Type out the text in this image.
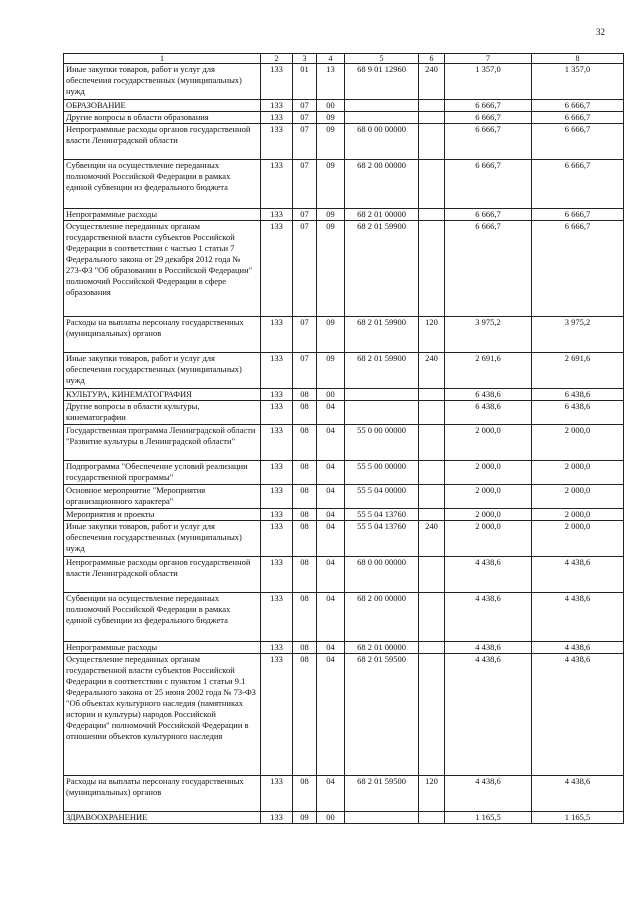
32
1	2	3	4	5	6	7	8
Иные закупки товаров, работ и услуг для обеспечения государственных (муниципальных) нужд	133	01	13	68 9 01 12960	240	1 357,0	1 357,0
ОБРАЗОВАНИЕ	133	07	00			6 666,7	6 666,7
Другие вопросы в области образования	133	07	09			6 666,7	6 666,7
Непрограммные расходы органов государственной власти Ленинградской области	133	07	09	68 0 00 00000		6 666,7	6 666,7
Субвенции на осуществление переданных полномочий Российской Федерации в рамках единой субвенции из федерального бюджета	133	07	09	68 2 00 00000		6 666,7	6 666,7
Непрограммные расходы	133	07	09	68 2 01 00000		6 666,7	6 666,7
Осуществление переданных органам государственной власти субъектов Российской Федерации в соответствии с частью 1 статьи 7 Федерального закона от 29 декабря 2012 года № 273-ФЗ "Об образовании в Российской Федерации" полномочий Российской Федерации в сфере образования	133	07	09	68 2 01 59900		6 666,7	6 666,7
Расходы на выплаты персоналу государственных (муниципальных) органов	133	07	09	68 2 01 59900	120	3 975,2	3 975,2
Иные закупки товаров, работ и услуг для обеспечения государственных (муниципальных) нужд	133	07	09	68 2 01 59900	240	2 691,6	2 691,6
КУЛЬТУРА, КИНЕМАТОГРАФИЯ	133	08	00			6 438,6	6 438,6
Другие вопросы в области культуры, кинематографии	133	08	04			6 438,6	6 438,6
Государственная программа Ленинградской области "Развитие культуры в Ленинградской области"	133	08	04	55 0 00 00000		2 000,0	2 000,0
Подпрограмма "Обеспечение условий реализации государственной программы"	133	08	04	55 5 00 00000		2 000,0	2 000,0
Основное мероприятие "Мероприятия организационного характера"	133	08	04	55 5 04 00000		2 000,0	2 000,0
Мероприятия и проекты	133	08	04	55 5 04 13760		2 000,0	2 000,0
Иные закупки товаров, работ и услуг для обеспечения государственных (муниципальных) нужд	133	08	04	55 5 04 13760	240	2 000,0	2 000,0
Непрограммные расходы органов государственной власти Ленинградской области	133	08	04	68 0 00 00000		4 438,6	4 438,6
Субвенции на осуществление переданных полномочий Российской Федерации в рамках единой субвенции из федерального бюджета	133	08	04	68 2 00 00000		4 438,6	4 438,6
Непрограммные расходы	133	08	04	68 2 01 00000		4 438,6	4 438,6
Осуществление переданных органам государственной власти субъектов Российской Федерации в соответствии с пунктом 1 статьи 9.1 Федерального закона от 25 июня 2002 года № 73-ФЗ "Об объектах культурного наследия (памятниках истории и культуры) народов Российской Федерации" полномочий Российской Федерации в отношении объектов культурного наследия	133	08	04	68 2 01 59500		4 438,6	4 438,6
Расходы на выплаты персоналу государственных (муниципальных) органов	133	08	04	68 2 01 59500	120	4 438,6	4 438,6
ЗДРАВООХРАНЕНИЕ	133	09	00			1 165,5	1 165,5
